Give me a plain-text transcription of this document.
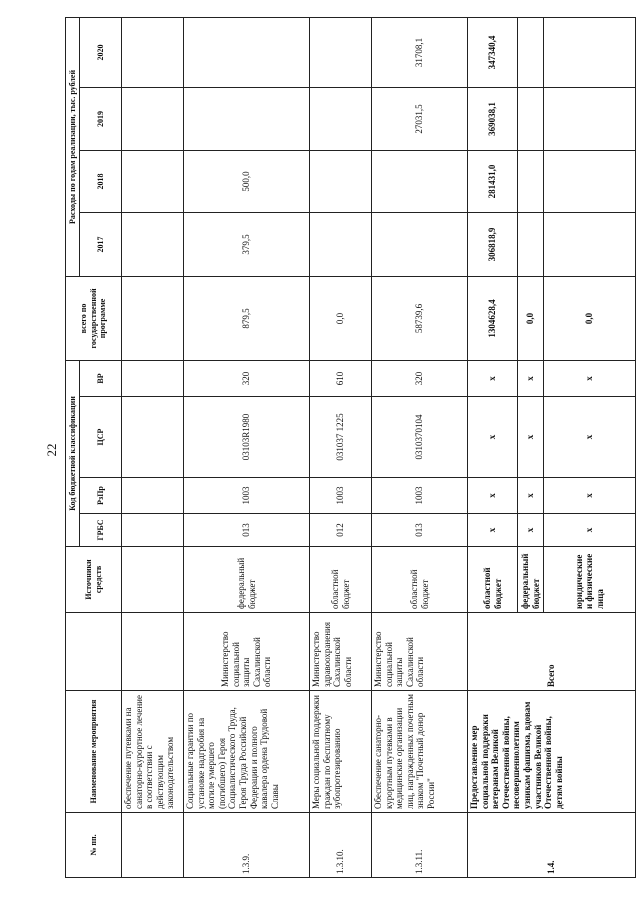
22
№ пп.	Наименование мероприятия		Источники средств	Код бюджетной классификации				всего по государственной программе	Расходы по годам реализации, тыс. рублей			
				ГРБС	РзПр	ЦСР	ВР		2017	2018	2019	2020
	обеспечение путевками на санаторно-курортное лечение в соответствии с действующим законодательством											
1.3.9.	Социальные гарантии по установке надгробия на могиле умершего (погибшего) Героя Социалистического Труда, Героя Труда Российской Федерации и полного кавалера ордена Трудовой Славы	Министерство социальной защиты Сахалинской области	федеральный бюджет	013	1003	03103R1980	320	879,5	379,5	500,0		
1.3.10.	Меры социальной поддержки граждан по бесплатному зубопротезированию	Министерство здравоохранения Сахалинской области	областной бюджет	012	1003	031037 1225	610	0,0				
1.3.11.	Обеспечение санаторно-курортным путевками в медицинские организации лиц, награжденных почетным знаком "Почетный донор России"	Министерство социальной защиты Сахалинской области	областной бюджет	013	1003	0310370104	320	58739,6			27031,5	31708,1
1.4.	Предоставление мер социальной поддержки ветеранам Великой Отечественной войны, несовершеннолетним узникам фашизма, вдовам участников Великой Отечественной войны, детям войны	Всего	областной бюджет	х	х	х	х	1304628,4	306818,9	281431,0	369038,1	347340,4
			федеральный бюджет	х	х	х	х	0,0				
			юридические и физические лица	х	х	х	х	0,0				
